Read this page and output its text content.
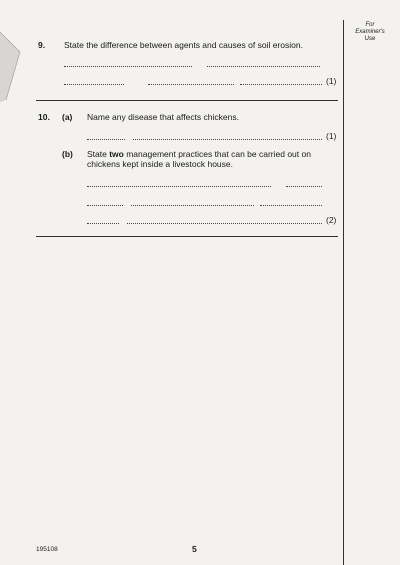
For
Examiner's
Use
9. State the difference between agents and causes of soil erosion.
(1)
10. (a) Name any disease that affects chickens.
(1)
(b) State two management practices that can be carried out on
chickens kept inside a livestock house.
(2)
195108	5
